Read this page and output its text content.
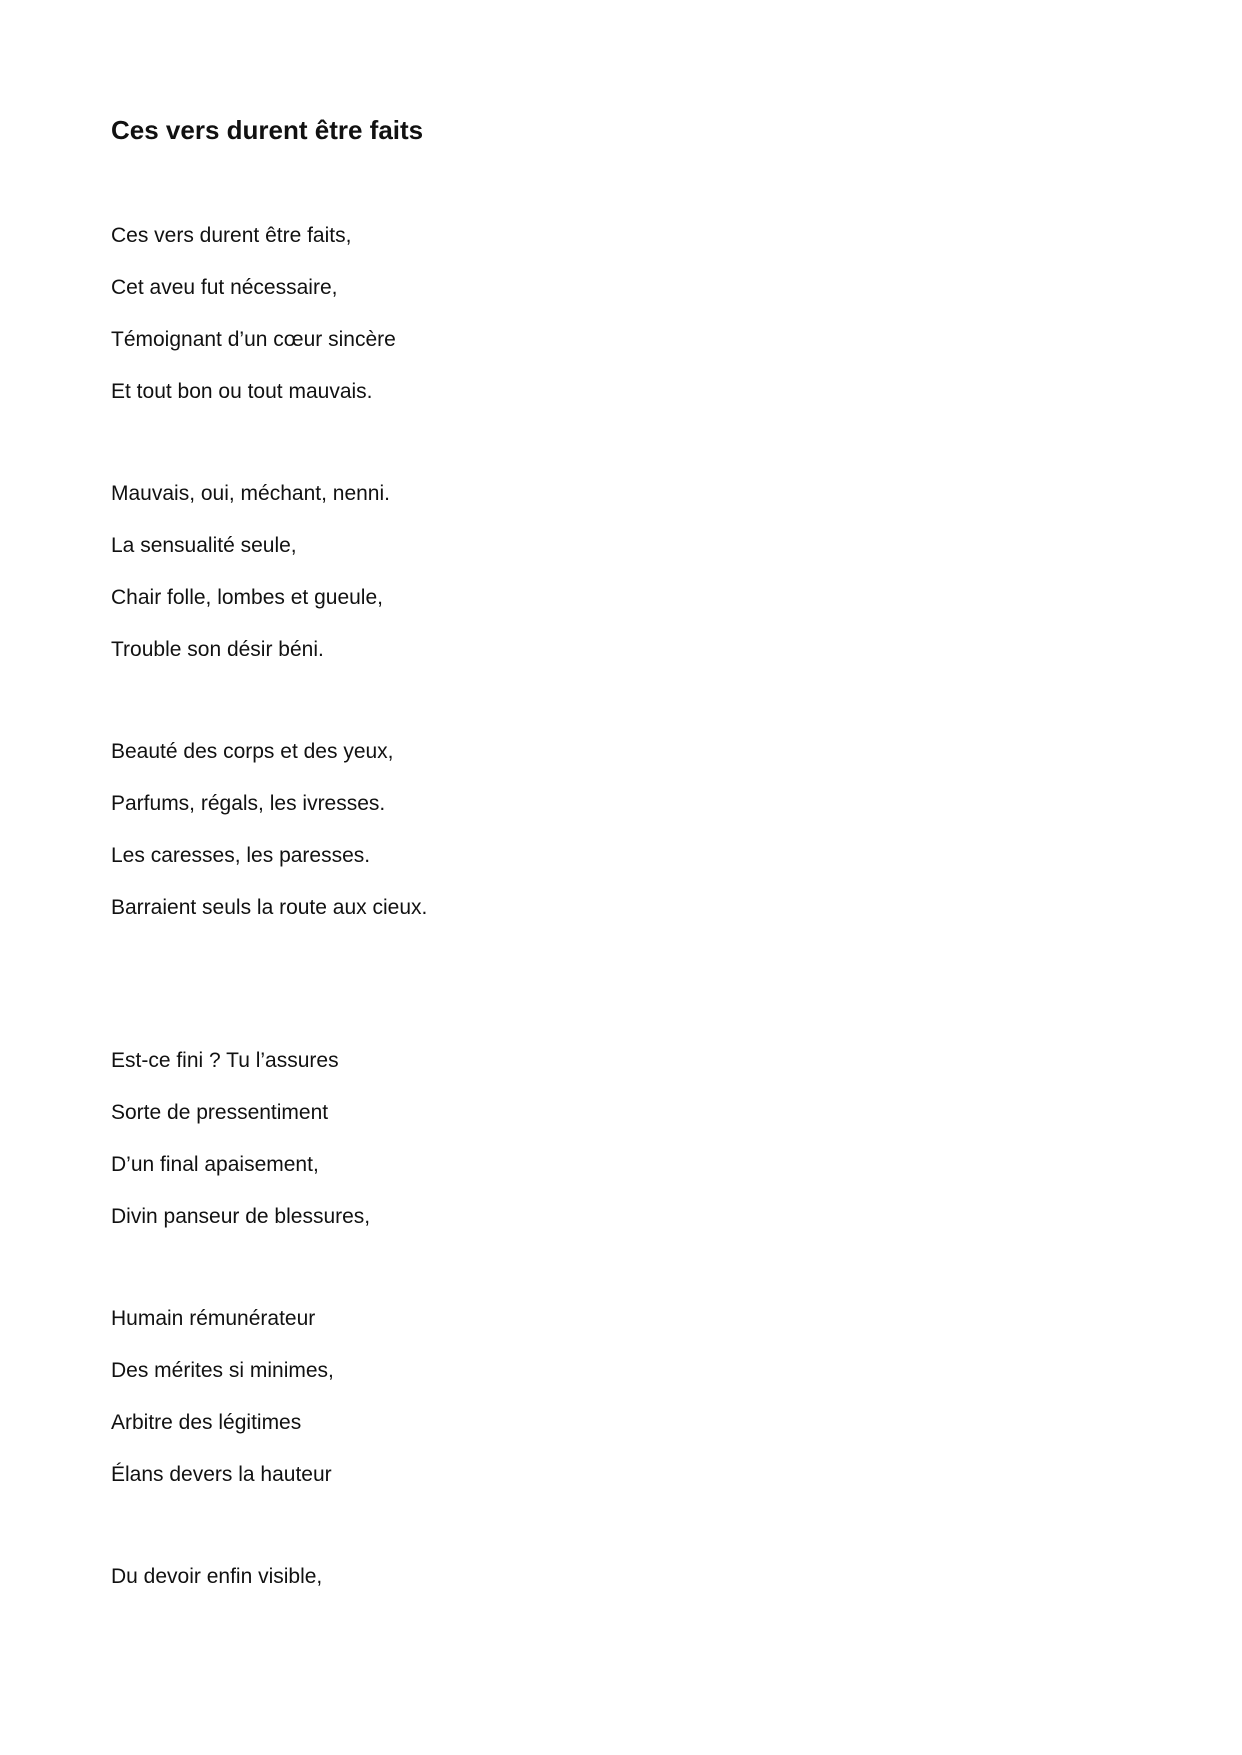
Ces vers durent être faits

Ces vers durent être faits,

Cet aveu fut nécessaire,

Témoignant d’un cœur sincère

Et tout bon ou tout mauvais.

Mauvais, oui, méchant, nenni.

La sensualité seule,

Chair folle, lombes et gueule,

Trouble son désir béni.

Beauté des corps et des yeux,

Parfums, régals, les ivresses.

Les caresses, les paresses.

Barraient seuls la route aux cieux.

Est-ce fini ? Tu l’assures

Sorte de pressentiment

D’un final apaisement,

Divin panseur de blessures,

Humain rémunérateur

Des mérites si minimes,

Arbitre des légitimes

Élans devers la hauteur

Du devoir enfin visible,
